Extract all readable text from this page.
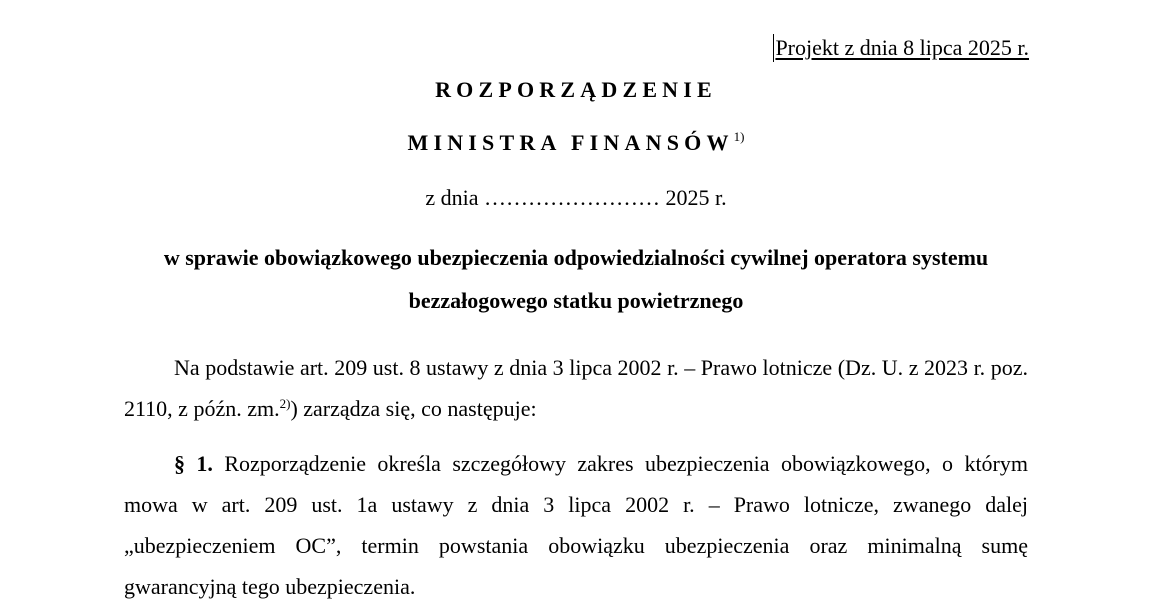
Projekt z dnia 8 lipca 2025 r.
ROZPORZĄDZENIE
MINISTRA FINANSÓW$^{1)}$
z dnia …………………… 2025 r.
w sprawie obowiązkowego ubezpieczenia odpowiedzialności cywilnej operatora systemu bezzałogowego statku powietrznego
Na podstawie art. 209 ust. 8 ustawy z dnia 3 lipca 2002 r. – Prawo lotnicze (Dz. U. z 2023 r. poz. 2110, z późn. zm.$^{2)}$) zarządza się, co następuje:
§ 1. Rozporządzenie określa szczegółowy zakres ubezpieczenia obowiązkowego, o którym mowa w art. 209 ust. 1a ustawy z dnia 3 lipca 2002 r. – Prawo lotnicze, zwanego dalej „ubezpieczeniem OC”, termin powstania obowiązku ubezpieczenia oraz minimalną sumę gwarancyjną tego ubezpieczenia.
